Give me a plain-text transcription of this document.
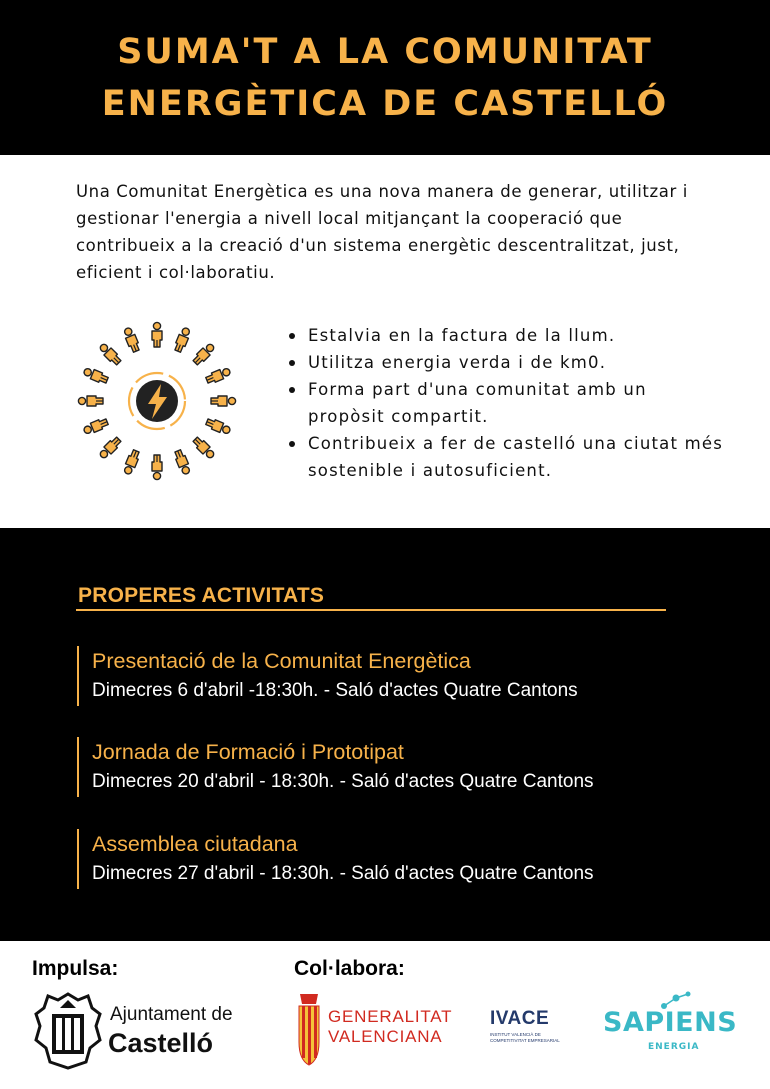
SUMA'T A LA COMUNITAT
ENERGÈTICA DE CASTELLÓ

Una Comunitat Energètica es una nova manera de generar, utilitzar i gestionar l'energia a nivell local mitjançant la cooperació que contribueix a la creació d'un sistema energètic descentralitzat, just, eficient i col·laboratiu.

Estalvia en la factura de la llum.
Utilitza energia verda i de km0.
Forma part d'una comunitat amb un propòsit compartit.
Contribueix a fer de castelló una ciutat més sostenible i autosuficient.
PROPERES ACTIVITATS
Presentació de la Comunitat Energètica
Dimecres 6 d'abril -18:30h. - Saló d'actes Quatre Cantons
Jornada de Formació i Prototipat
Dimecres 20 d'abril - 18:30h. - Saló d'actes Quatre Cantons
Assemblea ciutadana
Dimecres 27 d'abril - 18:30h. - Saló d'actes Quatre Cantons
Impulsa:	Col·labora:
Ajuntament de
Castelló
GENERALITAT
VALENCIANA
IVACE
INSTITUT VALENCIÀ DE COMPETITIVITAT EMPRESARIAL
SAPIENS
ENERGIA
